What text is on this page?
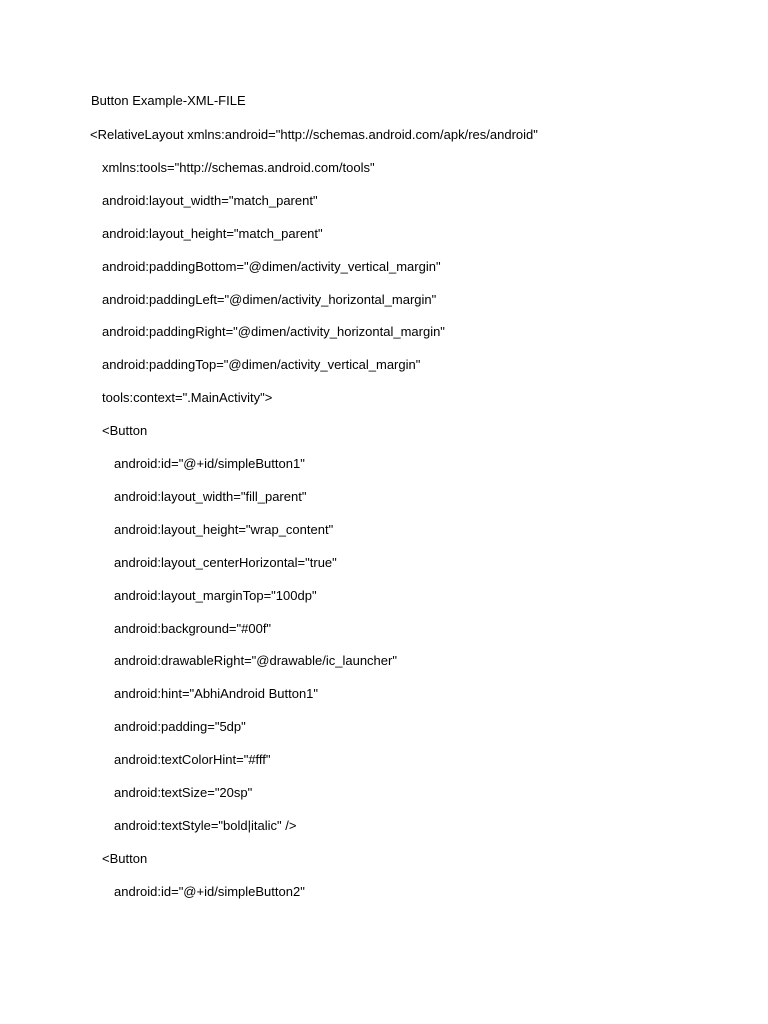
Button Example-XML-FILE
<RelativeLayout xmlns:android="http://schemas.android.com/apk/res/android"
xmlns:tools="http://schemas.android.com/tools"
android:layout_width="match_parent"
android:layout_height="match_parent"
android:paddingBottom="@dimen/activity_vertical_margin"
android:paddingLeft="@dimen/activity_horizontal_margin"
android:paddingRight="@dimen/activity_horizontal_margin"
android:paddingTop="@dimen/activity_vertical_margin"
tools:context=".MainActivity">
<Button
android:id="@+id/simpleButton1"
android:layout_width="fill_parent"
android:layout_height="wrap_content"
android:layout_centerHorizontal="true"
android:layout_marginTop="100dp"
android:background="#00f"
android:drawableRight="@drawable/ic_launcher"
android:hint="AbhiAndroid Button1"
android:padding="5dp"
android:textColorHint="#fff"
android:textSize="20sp"
android:textStyle="bold|italic" />
<Button
android:id="@+id/simpleButton2"
